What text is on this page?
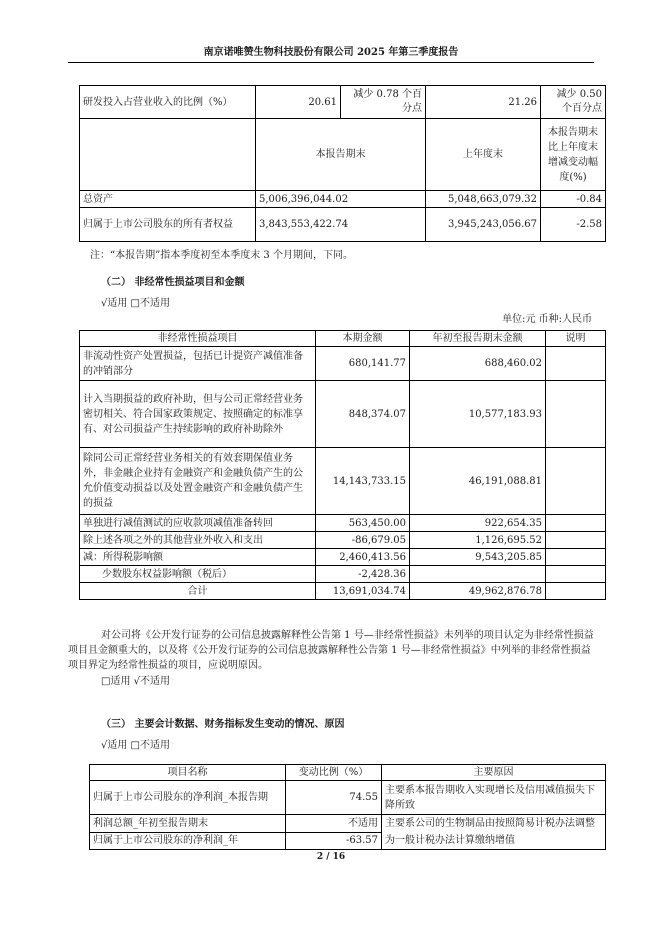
南京诺唯赞生物科技股份有限公司 2025 年第三季度报告
研发投入占营业收入的比例（%）	20.61	减少 0.78 个百分点	21.26	减少 0.50 个百分点
	本报告期末		上年度末	本报告期末比上年度末增减变动幅度(%)
总资产	5,006,396,044.02		5,048,663,079.32	-0.84
归属于上市公司股东的所有者权益	3,843,553,422.74		3,945,243,056.67	-2.58
注：“本报告期”指本季度初至本季度末 3 个月期间，下同。
（二） 非经常性损益项目和金额
√适用 □不适用
单位:元 币种:人民币
非经常性损益项目	本期金额	年初至报告期末金额	说明
非流动性资产处置损益，包括已计提资产减值准备的冲销部分	680,141.77	688,460.02	
计入当期损益的政府补助，但与公司正常经营业务密切相关、符合国家政策规定、按照确定的标准享有、对公司损益产生持续影响的政府补助除外	848,374.07	10,577,183.93	
除同公司正常经营业务相关的有效套期保值业务外，非金融企业持有金融资产和金融负债产生的公允价值变动损益以及处置金融资产和金融负债产生的损益	14,143,733.15	46,191,088.81	
单独进行减值测试的应收款项减值准备转回	563,450.00	922,654.35	
除上述各项之外的其他营业外收入和支出	-86,679.05	1,126,695.52	
减：所得税影响额	2,460,413.56	9,543,205.85	
少数股东权益影响额（税后）	-2,428.36		
合计	13,691,034.74	49,962,876.78	
对公司将《公开发行证券的公司信息披露解释性公告第 1 号—非经常性损益》未列举的项目认定为非经常性损益项目且金额重大的，以及将《公开发行证券的公司信息披露解释性公告第 1 号—非经常性损益》中列举的非经常性损益项目界定为经常性损益的项目，应说明原因。
□适用 √不适用
（三） 主要会计数据、财务指标发生变动的情况、原因
√适用 □不适用
项目名称	变动比例（%）	主要原因
归属于上市公司股东的净利润_本报告期	74.55	主要系本报告期收入实现增长及信用减值损失下降所致
利润总额_年初至报告期末	不适用	主要系公司的生物制品由按照简易计税办法调整为一般计税办法计算缴纳增值
归属于上市公司股东的净利润_年	-63.57	
2 / 16
